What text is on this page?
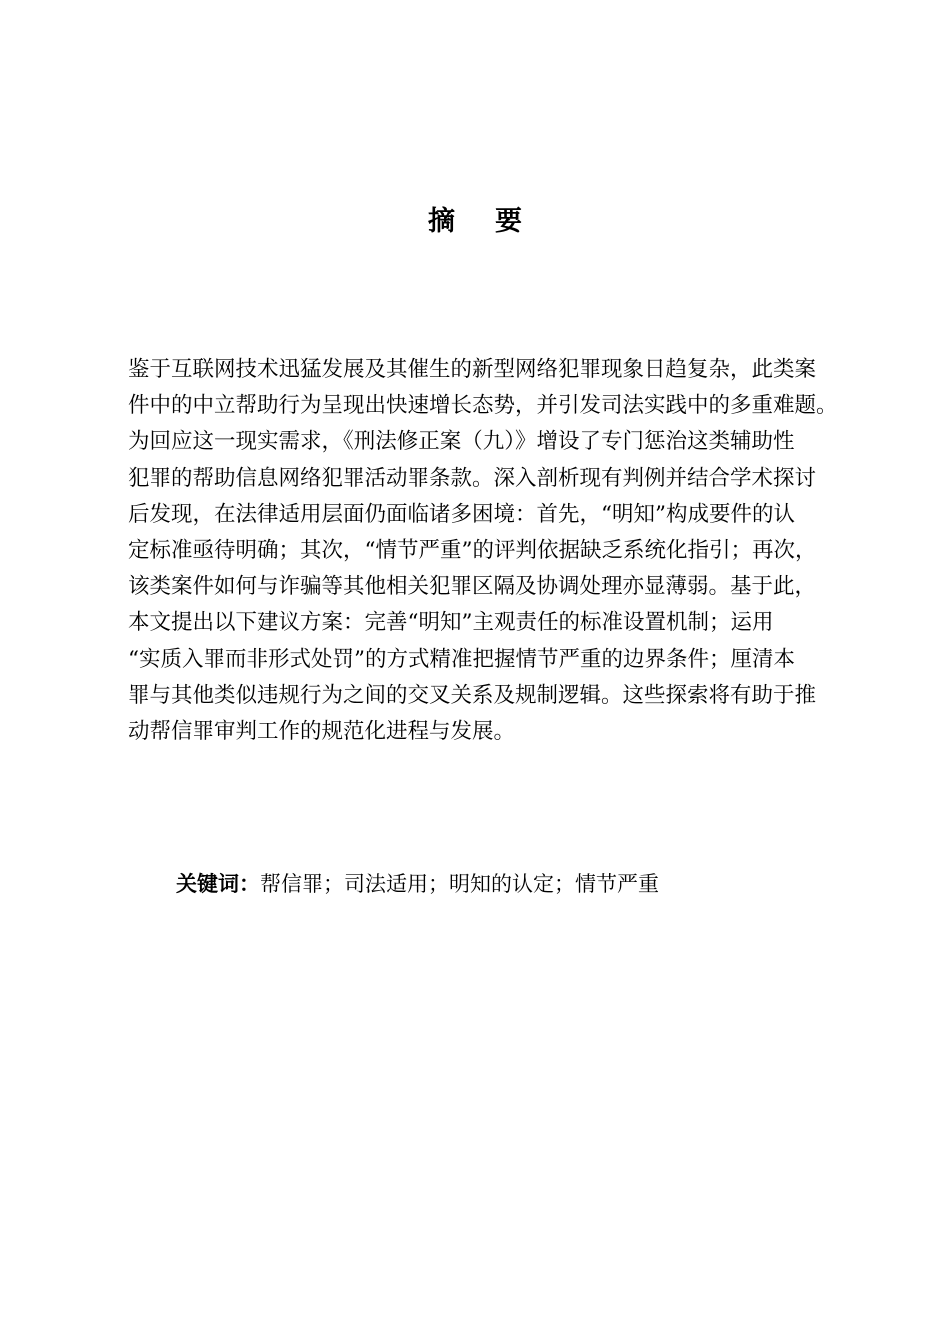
摘 要
鉴于互联网技术迅猛发展及其催生的新型网络犯罪现象日趋复杂，此类案
件中的中立帮助行为呈现出快速增长态势，并引发司法实践中的多重难题。
为回应这一现实需求，《刑法修正案（九）》增设了专门惩治这类辅助性
犯罪的帮助信息网络犯罪活动罪条款。深入剖析现有判例并结合学术探讨
后发现，在法律适用层面仍面临诸多困境：首先，“明知”构成要件的认
定标准亟待明确；其次，“情节严重”的评判依据缺乏系统化指引；再次，
该类案件如何与诈骗等其他相关犯罪区隔及协调处理亦显薄弱。基于此，
本文提出以下建议方案：完善“明知”主观责任的标准设置机制；运用
“实质入罪而非形式处罚”的方式精准把握情节严重的边界条件；厘清本
罪与其他类似违规行为之间的交叉关系及规制逻辑。这些探索将有助于推
动帮信罪审判工作的规范化进程与发展。
关键词：帮信罪；司法适用；明知的认定；情节严重
